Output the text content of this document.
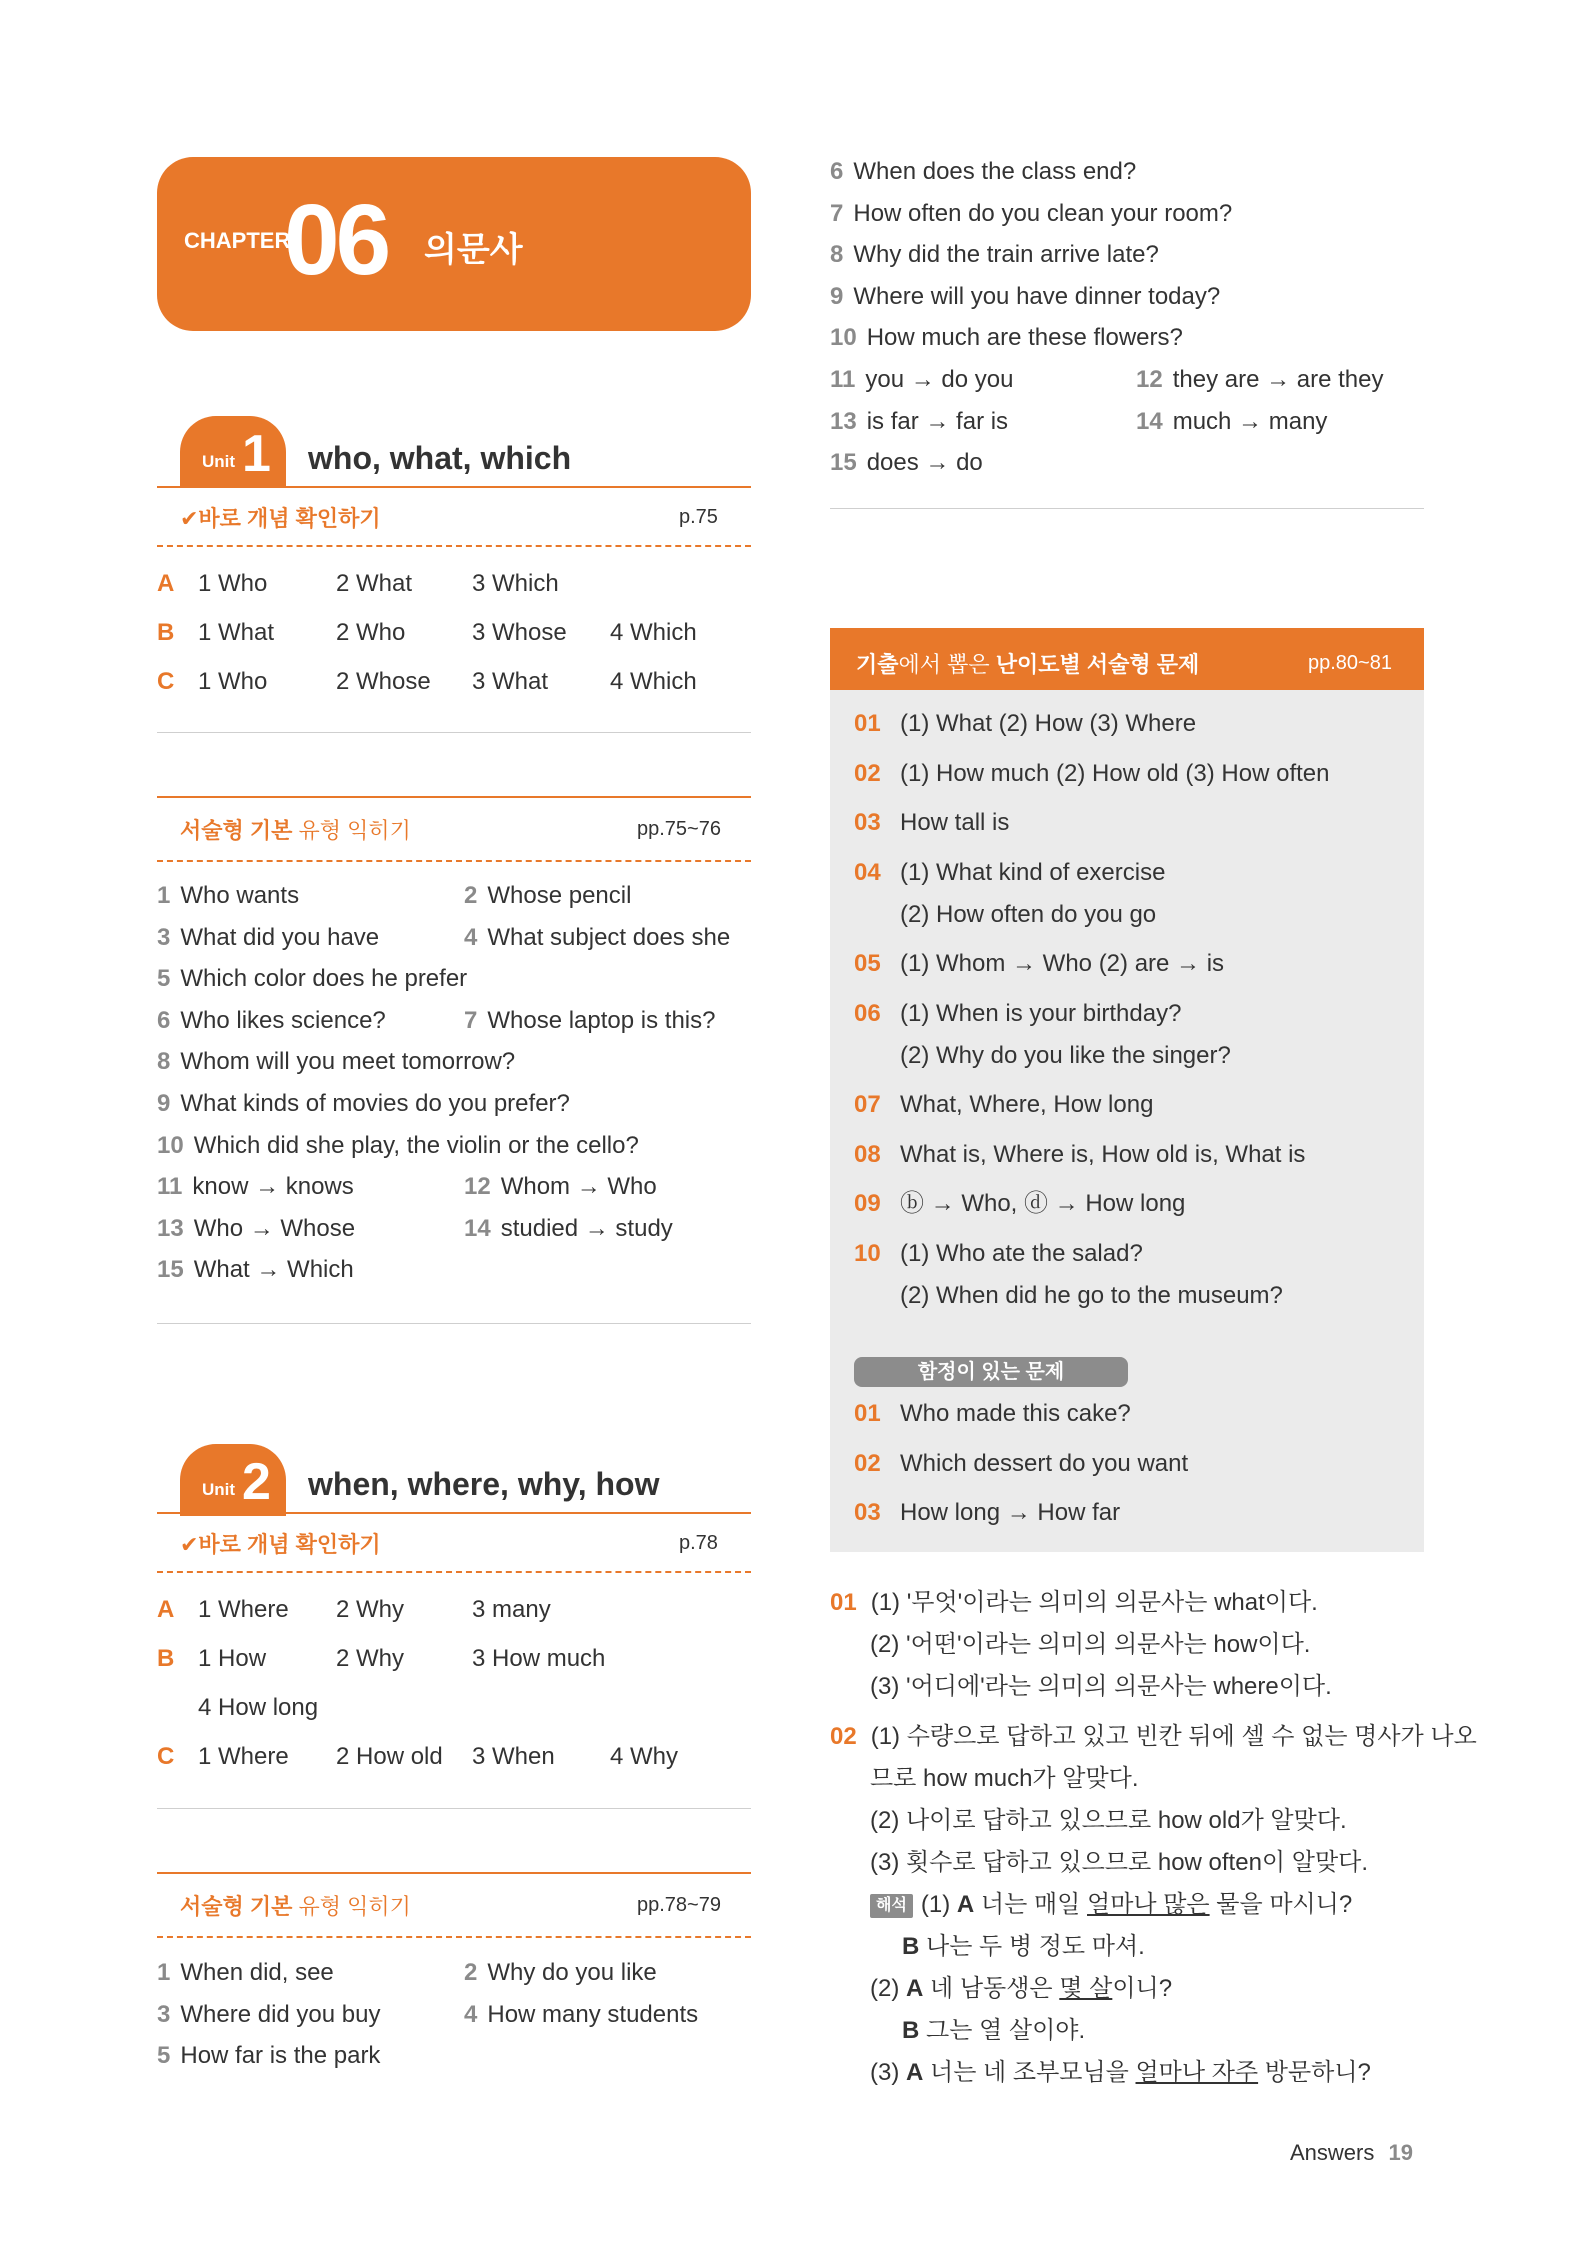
CHAPTER
06 의문사
Unit 1 who, what, which
✔바로 개념 확인하기	p.75
A 1 Who	2 What 3 Which
B 1 What	2 Who	3 Whose 4 Which
C 1 Who	2 Whose 3 What	4 Which
서술형 기본 유형 익히기	pp.75~76
1 Who wants	2 Whose pencil
3 What did you have	4 What subject does she
5 Which color does he prefer
6 Who likes science?	7 Whose laptop is this?
8 Whom will you meet tomorrow?
9 What kinds of movies do you prefer?
10 Which did she play, the violin or the cello?
11 know → knows	12 Whom → Who
13 Who → Whose	14 studied → study
15 What → Which
Unit 2 when, where, why, how
✔바로 개념 확인하기	p.78
A 1 Where 2 Why	3 many
B 1 How	2 Why	3 How much
4 How long
C 1 Where 2 How old 3 When 4 Why
서술형 기본 유형 익히기	pp.78~79
1 When did, see	2 Why do you like
3 Where did you buy	4 How many students
5 How far is the park
6 When does the class end?
7 How often do you clean your room?
8 Why did the train arrive late?
9 Where will you have dinner today?
10 How much are these flowers?
11 you → do you	12 they are → are they
13 is far → far is	14 much → many
15 does → do
기출에서 뽑은 난이도별 서술형 문제	pp.80~81
01 (1) What (2) How (3) Where
02 (1) How much (2) How old (3) How often
03 How tall is
04 (1) What kind of exercise
(2) How often do you go
05 (1) Whom → Who (2) are → is
06 (1) When is your birthday?
(2) Why do you like the singer?
07 What, Where, How long
08 What is, Where is, How old is, What is
09 ⓑ → Who, ⓓ → How long
10 (1) Who ate the salad?
(2) When did he go to the museum?
함정이 있는 문제
01 Who made this cake?
02 Which dessert do you want
03 How long → How far
01 (1) '무엇'이라는 의미의 의문사는 what이다.
(2) '어떤'이라는 의미의 의문사는 how이다.
(3) '어디에'라는 의미의 의문사는 where이다.
02 (1) 수량으로 답하고 있고 빈칸 뒤에 셀 수 없는 명사가 나오
므로 how much가 알맞다.
(2) 나이로 답하고 있으므로 how old가 알맞다.
(3) 횟수로 답하고 있으므로 how often이 알맞다.
해석 (1) A 너는 매일 얼마나 많은 물을 마시니?
B 나는 두 병 정도 마셔.
(2) A 네 남동생은 몇 살이니?
B 그는 열 살이야.
(3) A 너는 네 조부모님을 얼마나 자주 방문하니?
Answers 19
